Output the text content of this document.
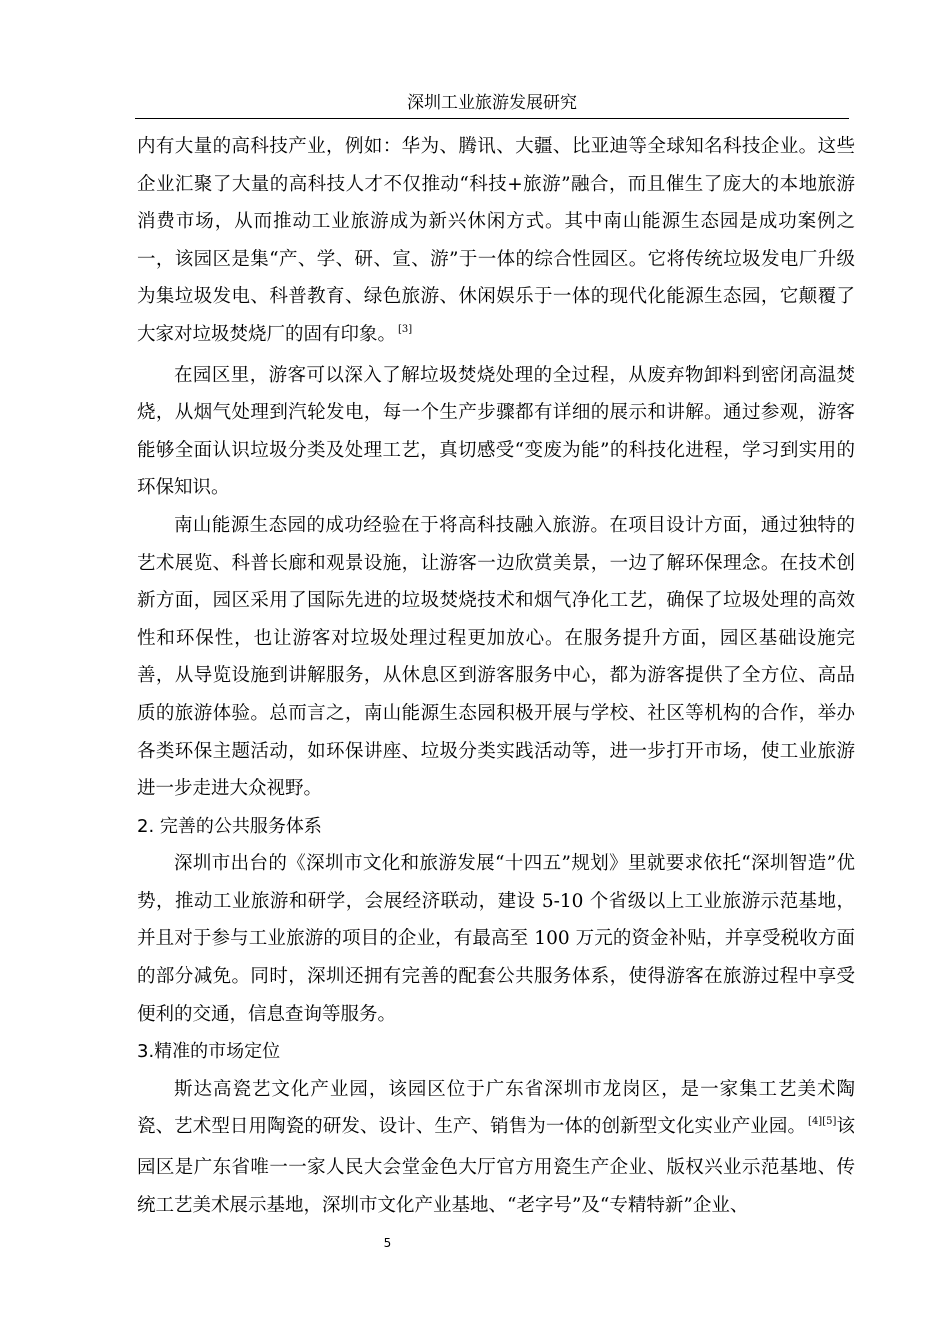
深圳工业旅游发展研究

内有大量的高科技产业，例如：华为、腾讯、大疆、比亚迪等全球知名科技企业。这些企业汇聚了大量的高科技人才不仅推动“科技+旅游”融合，而且催生了庞大的本地旅游消费市场，从而推动工业旅游成为新兴休闲方式。其中南山能源生态园是成功案例之一，该园区是集“产、学、研、宣、游”于一体的综合性园区。它将传统垃圾发电厂升级为集垃圾发电、科普教育、绿色旅游、休闲娱乐于一体的现代化能源生态园，它颠覆了大家对垃圾焚烧厂的固有印象。 [3]

在园区里，游客可以深入了解垃圾焚烧处理的全过程，从废弃物卸料到密闭高温焚烧，从烟气处理到汽轮发电，每一个生产步骤都有详细的展示和讲解。通过参观，游客能够全面认识垃圾分类及处理工艺，真切感受“变废为能”的科技化进程，学习到实用的环保知识。

南山能源生态园的成功经验在于将高科技融入旅游。在项目设计方面，通过独特的艺术展览、科普长廊和观景设施，让游客一边欣赏美景，一边了解环保理念。在技术创新方面，园区采用了国际先进的垃圾焚烧技术和烟气净化工艺，确保了垃圾处理的高效性和环保性，也让游客对垃圾处理过程更加放心。在服务提升方面，园区基础设施完善，从导览设施到讲解服务，从休息区到游客服务中心，都为游客提供了全方位、高品质的旅游体验。总而言之，南山能源生态园积极开展与学校、社区等机构的合作，举办各类环保主题活动，如环保讲座、垃圾分类实践活动等，进一步打开市场，使工业旅游进一步走进大众视野。

2. 完善的公共服务体系

深圳市出台的《深圳市文化和旅游发展“十四五”规划》里就要求依托“深圳智造”优势，推动工业旅游和研学，会展经济联动，建设 5-10 个省级以上工业旅游示范基地，并且对于参与工业旅游的项目的企业，有最高至 100 万元的资金补贴，并享受税收方面的部分减免。同时，深圳还拥有完善的配套公共服务体系，使得游客在旅游过程中享受便利的交通，信息查询等服务。

3.精准的市场定位

斯达高瓷艺文化产业园，该园区位于广东省深圳市龙岗区，是一家集工艺美术陶瓷、艺术型日用陶瓷的研发、设计、生产、销售为一体的创新型文化实业产业园。 [4][5]该园区是广东省唯一一家人民大会堂金色大厅官方用瓷生产企业、版权兴业示范基地、传统工艺美术展示基地，深圳市文化产业基地、“老字号”及“专精特新”企业、

5
